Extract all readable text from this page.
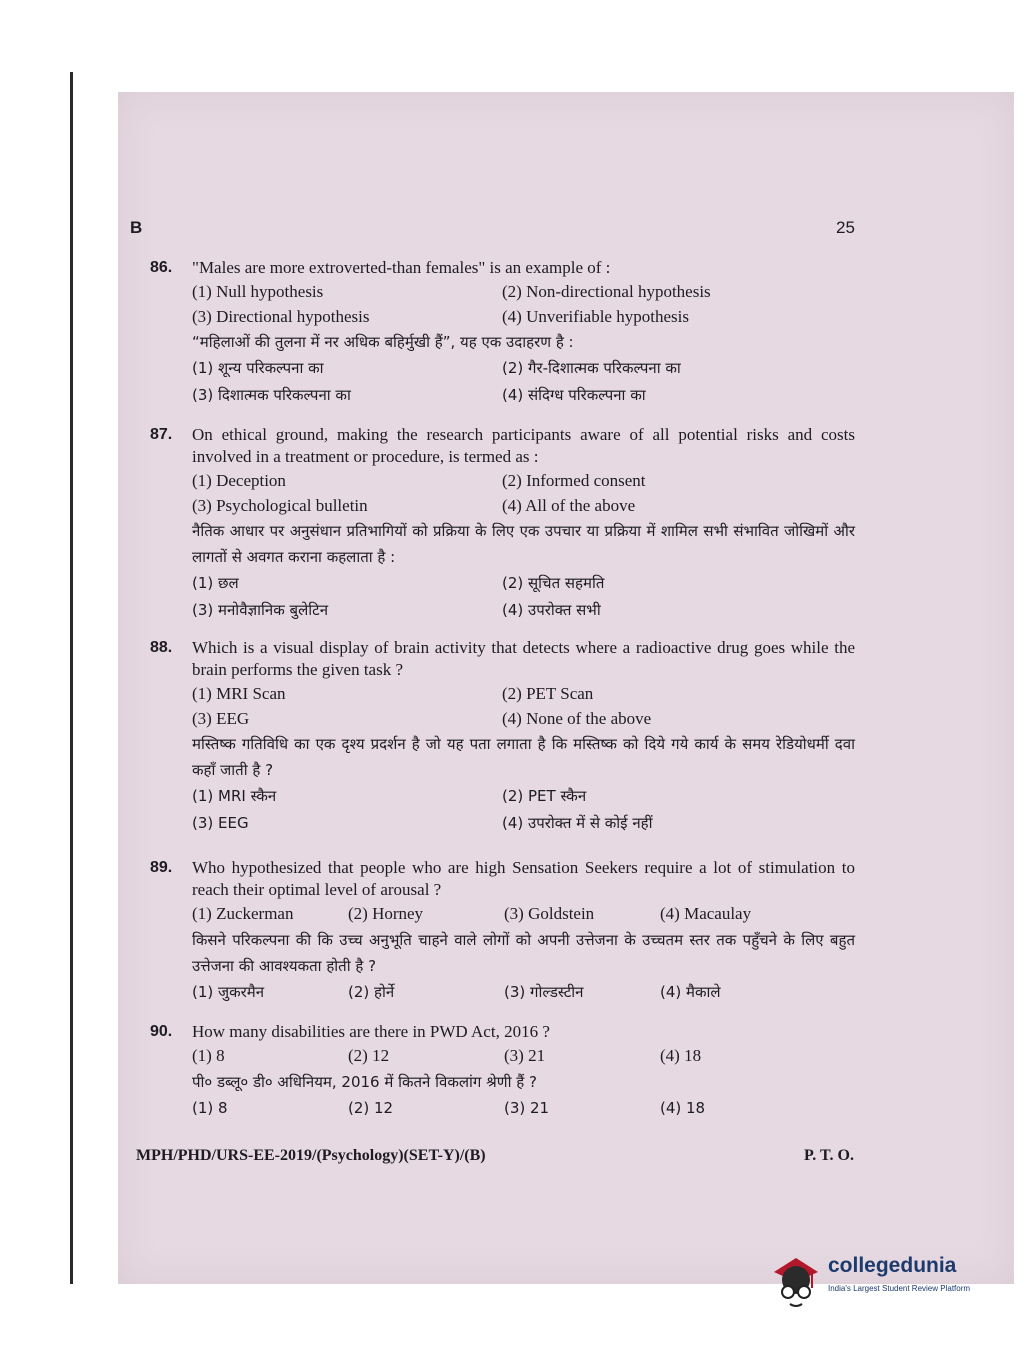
B	25
86. "Males are more extroverted-than females" is an example of :
(1) Null hypothesis	(2) Non-directional hypothesis
(3) Directional hypothesis	(4) Unverifiable hypothesis
“महिलाओं की तुलना में नर अधिक बहिर्मुखी हैं”, यह एक उदाहरण है :
(1) शून्य परिकल्पना का	(2) गैर-दिशात्मक परिकल्पना का
(3) दिशात्मक परिकल्पना का	(4) संदिग्ध परिकल्पना का
87. On ethical ground, making the research participants aware of all potential risks and costs involved in a treatment or procedure, is termed as :
(1) Deception	(2) Informed consent
(3) Psychological bulletin	(4) All of the above
नैतिक आधार पर अनुसंधान प्रतिभागियों को प्रक्रिया के लिए एक उपचार या प्रक्रिया में शामिल सभी संभावित जोखिमों और लागतों से अवगत कराना कहलाता है :
(1) छल	(2) सूचित सहमति
(3) मनोवैज्ञानिक बुलेटिन	(4) उपरोक्त सभी
88. Which is a visual display of brain activity that detects where a radioactive drug goes while the brain performs the given task ?
(1) MRI Scan	(2) PET Scan
(3) EEG	(4) None of the above
मस्तिष्क गतिविधि का एक दृश्य प्रदर्शन है जो यह पता लगाता है कि मस्तिष्क को दिये गये कार्य के समय रेडियोधर्मी दवा कहाँ जाती है ?
(1) MRI स्कैन	(2) PET स्कैन
(3) EEG	(4) उपरोक्त में से कोई नहीं
89. Who hypothesized that people who are high Sensation Seekers require a lot of stimulation to reach their optimal level of arousal ?
(1) Zuckerman	(2) Horney	(3) Goldstein	(4) Macaulay
किसने परिकल्पना की कि उच्च अनुभूति चाहने वाले लोगों को अपनी उत्तेजना के उच्चतम स्तर तक पहुँचने के लिए बहुत उत्तेजना की आवश्यकता होती है ?
(1) जुकरमैन	(2) होर्ने	(3) गोल्डस्टीन	(4) मैकाले
90. How many disabilities are there in PWD Act, 2016 ?
(1) 8	(2) 12	(3) 21	(4) 18
पी० डब्लू० डी० अधिनियम, 2016 में कितने विकलांग श्रेणी हैं ?
(1) 8	(2) 12	(3) 21	(4) 18
MPH/PHD/URS-EE-2019/(Psychology)(SET-Y)/(B)	P. T. O.
collegedunia
India's Largest Student Review Platform
